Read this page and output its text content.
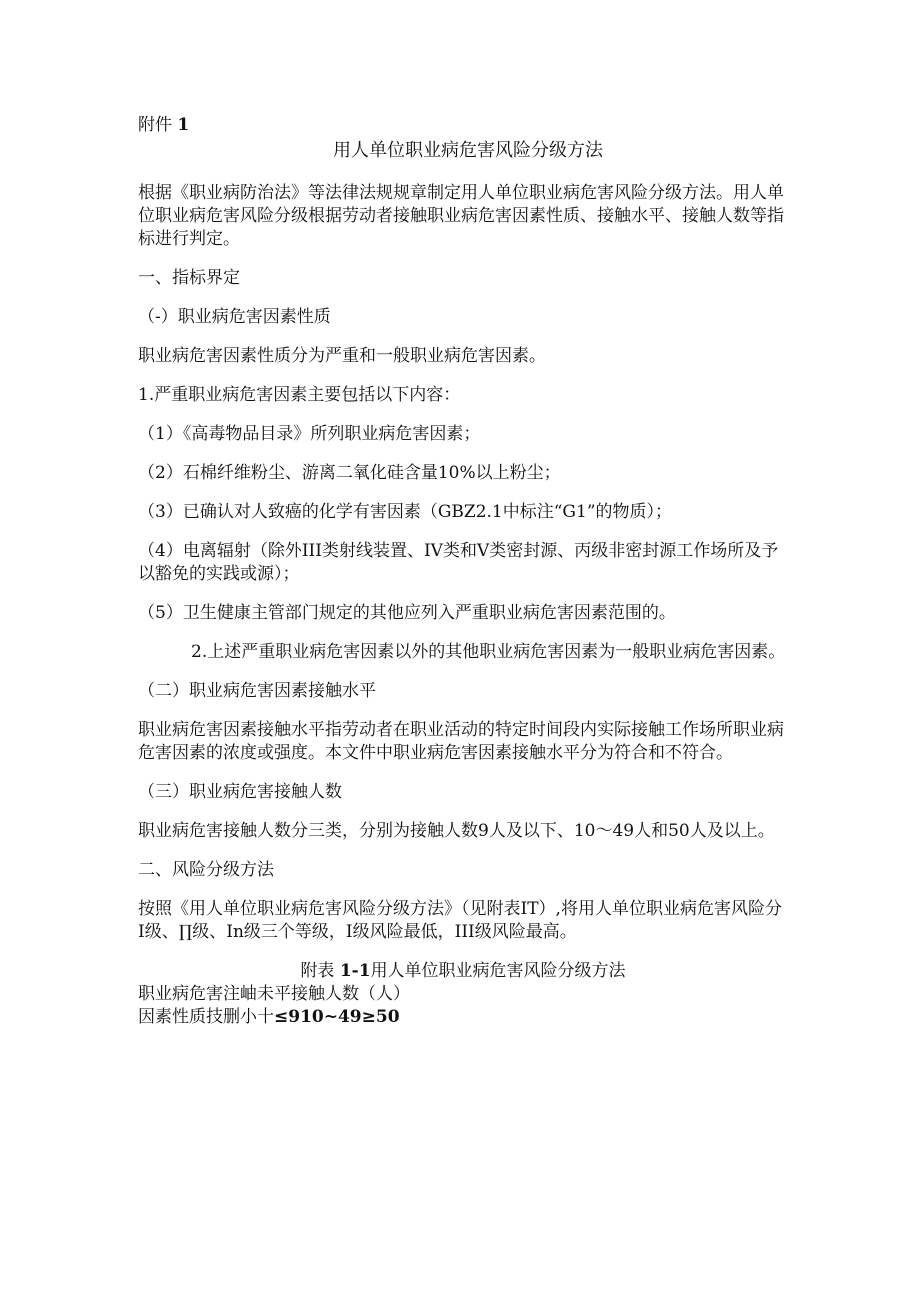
附件 1

用人单位职业病危害风险分级方法

根据《职业病防治法》等法律法规规章制定用人单位职业病危害风险分级方法。用人单位职业病危害风险分级根据劳动者接触职业病危害因素性质、接触水平、接触人数等指标进行判定。

一、指标界定

（-）职业病危害因素性质

职业病危害因素性质分为严重和一般职业病危害因素。

1.严重职业病危害因素主要包括以下内容：

（1）《高毒物品目录》所列职业病危害因素；

（2）石棉纤维粉尘、游离二氧化硅含量10%以上粉尘；

（3）已确认对人致癌的化学有害因素（GBZ2.1中标注“G1”的物质）；

（4）电离辐射（除外III类射线装置、IV类和V类密封源、丙级非密封源工作场所及予以豁免的实践或源）；

（5）卫生健康主管部门规定的其他应列入严重职业病危害因素范围的。

2.上述严重职业病危害因素以外的其他职业病危害因素为一般职业病危害因素。

（二）职业病危害因素接触水平

职业病危害因素接触水平指劳动者在职业活动的特定时间段内实际接触工作场所职业病危害因素的浓度或强度。本文件中职业病危害因素接触水平分为符合和不符合。

（三）职业病危害接触人数

职业病危害接触人数分三类，分别为接触人数9人及以下、10～49人和50人及以上。

二、风险分级方法

按照《用人单位职业病危害风险分级方法》（见附表IT）,将用人单位职业病危害风险分I级、∏级、In级三个等级，I级风险最低，III级风险最高。

附表 1-1用人单位职业病危害风险分级方法

职业病危害注岫未平接触人数（人）

因素性质技删小十≤910~49≥50
